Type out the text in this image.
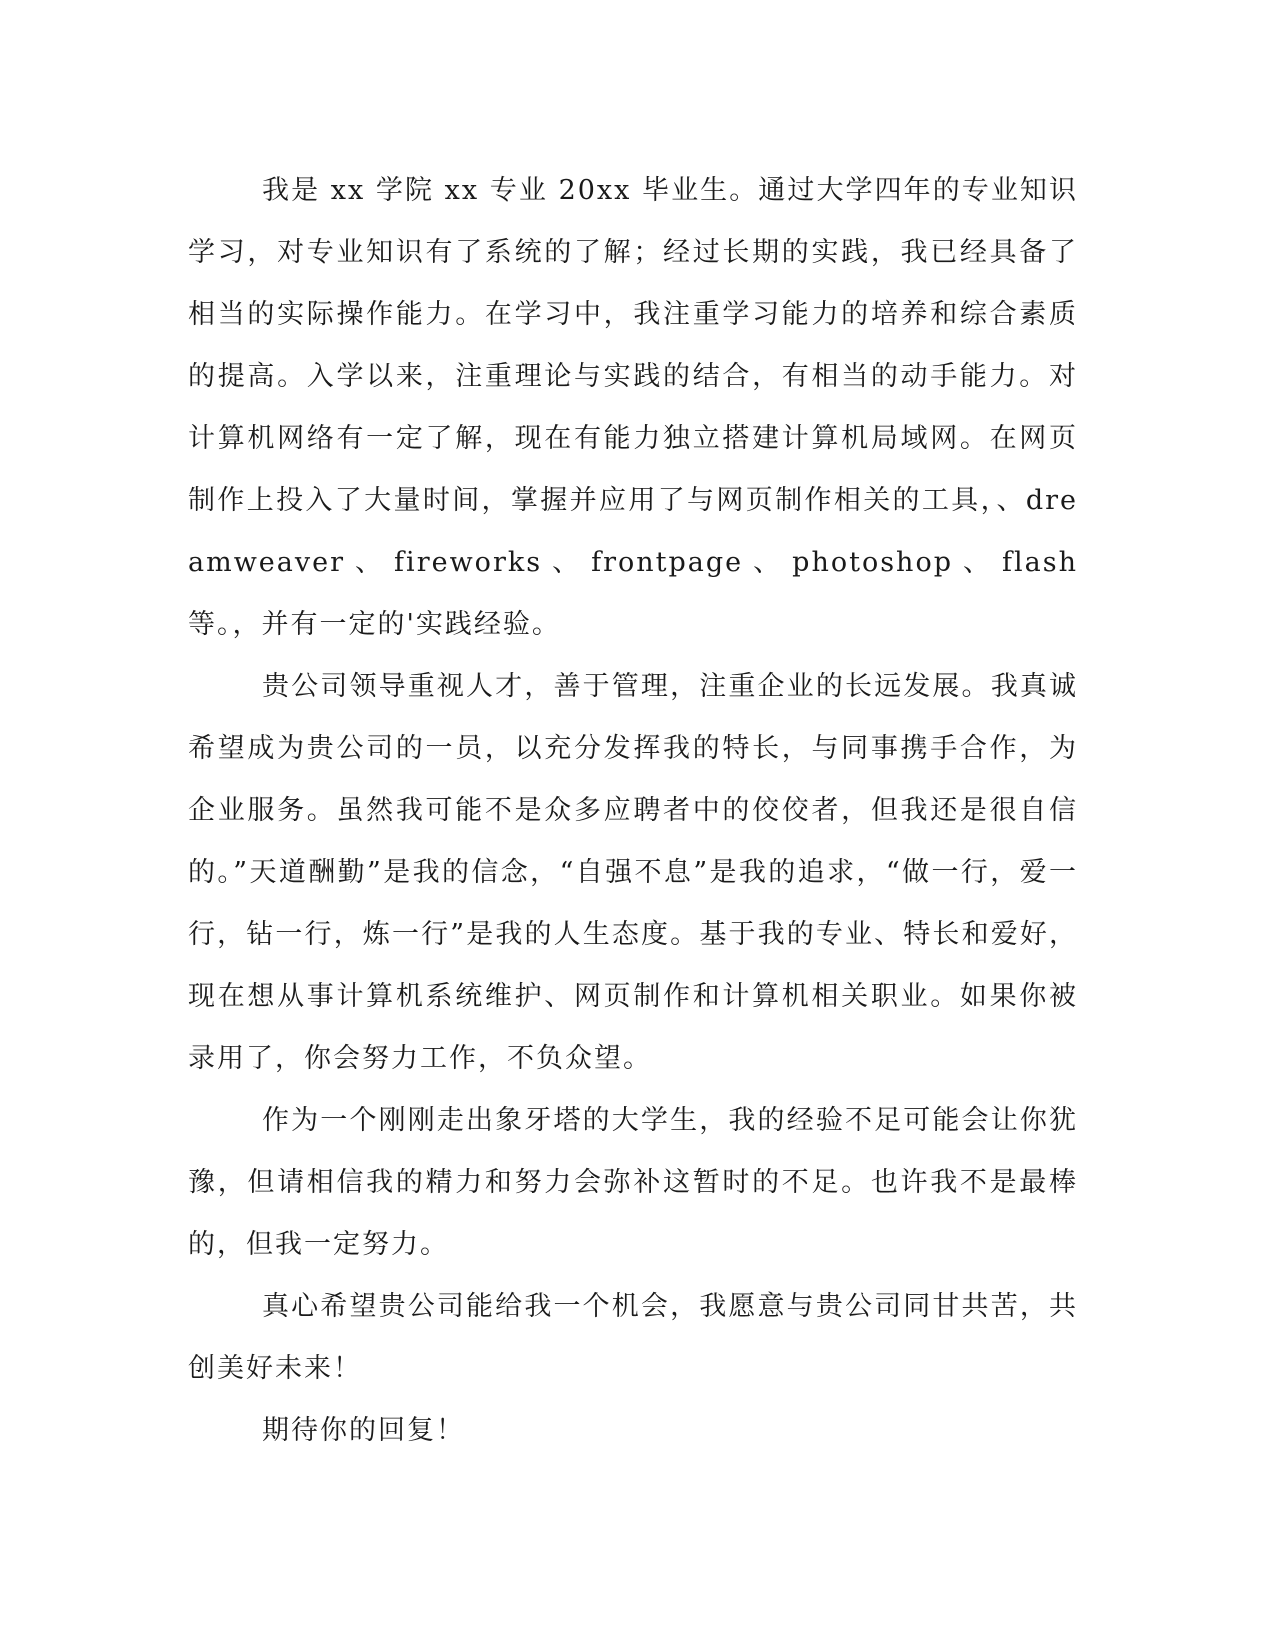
我是 xx 学院 xx 专业 20xx 毕业生。通过大学四年的专业知识学习，对专业知识有了系统的了解；经过长期的实践，我已经具备了相当的实际操作能力。在学习中，我注重学习能力的培养和综合素质的提高。入学以来，注重理论与实践的结合，有相当的动手能力。对计算机网络有一定了解，现在有能力独立搭建计算机局域网。在网页制作上投入了大量时间，掌握并应用了与网页制作相关的工具，、dreamweaver、fireworks、frontpage、photoshop、flash 等。，并有一定的'实践经验。

贵公司领导重视人才，善于管理，注重企业的长远发展。我真诚希望成为贵公司的一员，以充分发挥我的特长，与同事携手合作，为企业服务。虽然我可能不是众多应聘者中的佼佼者，但我还是很自信的。”天道酬勤”是我的信念，“自强不息”是我的追求，“做一行，爱一行，钻一行，炼一行”是我的人生态度。基于我的专业、特长和爱好，现在想从事计算机系统维护、网页制作和计算机相关职业。如果你被录用了，你会努力工作，不负众望。

作为一个刚刚走出象牙塔的大学生，我的经验不足可能会让你犹豫，但请相信我的精力和努力会弥补这暂时的不足。也许我不是最棒的，但我一定努力。

真心希望贵公司能给我一个机会，我愿意与贵公司同甘共苦，共创美好未来！

期待你的回复！
